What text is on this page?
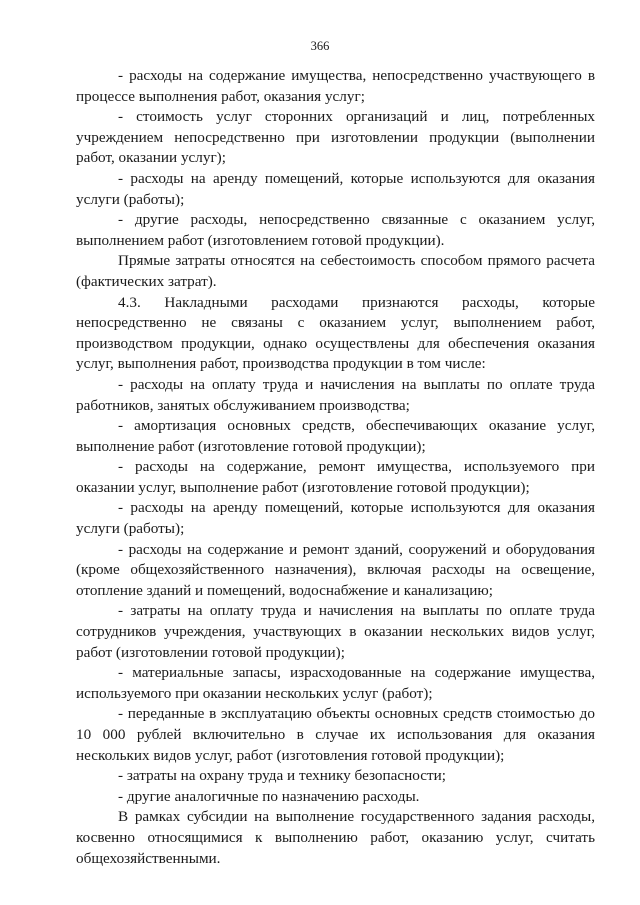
366

- расходы на содержание имущества, непосредственно участвующего в процессе выполнения работ, оказания услуг;

- стоимость услуг сторонних организаций и лиц, потребленных учреждением непосредственно при изготовлении продукции (выполнении работ, оказании услуг);

- расходы на аренду помещений, которые используются для оказания услуги (работы);

- другие расходы, непосредственно связанные с оказанием услуг, выполнением работ (изготовлением готовой продукции).

Прямые затраты относятся на себестоимость способом прямого расчета (фактических затрат).

4.3. Накладными расходами признаются расходы, которые непосредственно не связаны с оказанием услуг, выполнением работ, производством продукции, однако осуществлены для обеспечения оказания услуг, выполнения работ, производства продукции в том числе:

- расходы на оплату труда и начисления на выплаты по оплате труда работников, занятых обслуживанием производства;

- амортизация основных средств, обеспечивающих оказание услуг, выполнение работ (изготовление готовой продукции);

- расходы на содержание, ремонт имущества, используемого при оказании услуг, выполнение работ (изготовление готовой продукции);

- расходы на аренду помещений, которые используются для оказания услуги (работы);

- расходы на содержание и ремонт зданий, сооружений и оборудования (кроме общехозяйственного назначения), включая расходы на освещение, отопление зданий и помещений, водоснабжение и канализацию;

- затраты на оплату труда и начисления на выплаты по оплате труда сотрудников учреждения, участвующих в оказании нескольких видов услуг, работ (изготовлении готовой продукции);

- материальные запасы, израсходованные на содержание имущества, используемого при оказании нескольких услуг (работ);

- переданные в эксплуатацию объекты основных средств стоимостью до 10 000 рублей включительно в случае их использования для оказания нескольких видов услуг, работ (изготовления готовой продукции);

- затраты на охрану труда и технику безопасности;

- другие аналогичные по назначению расходы.

В рамках субсидии на выполнение государственного задания расходы, косвенно относящимися к выполнению работ, оказанию услуг, считать общехозяйственными.
